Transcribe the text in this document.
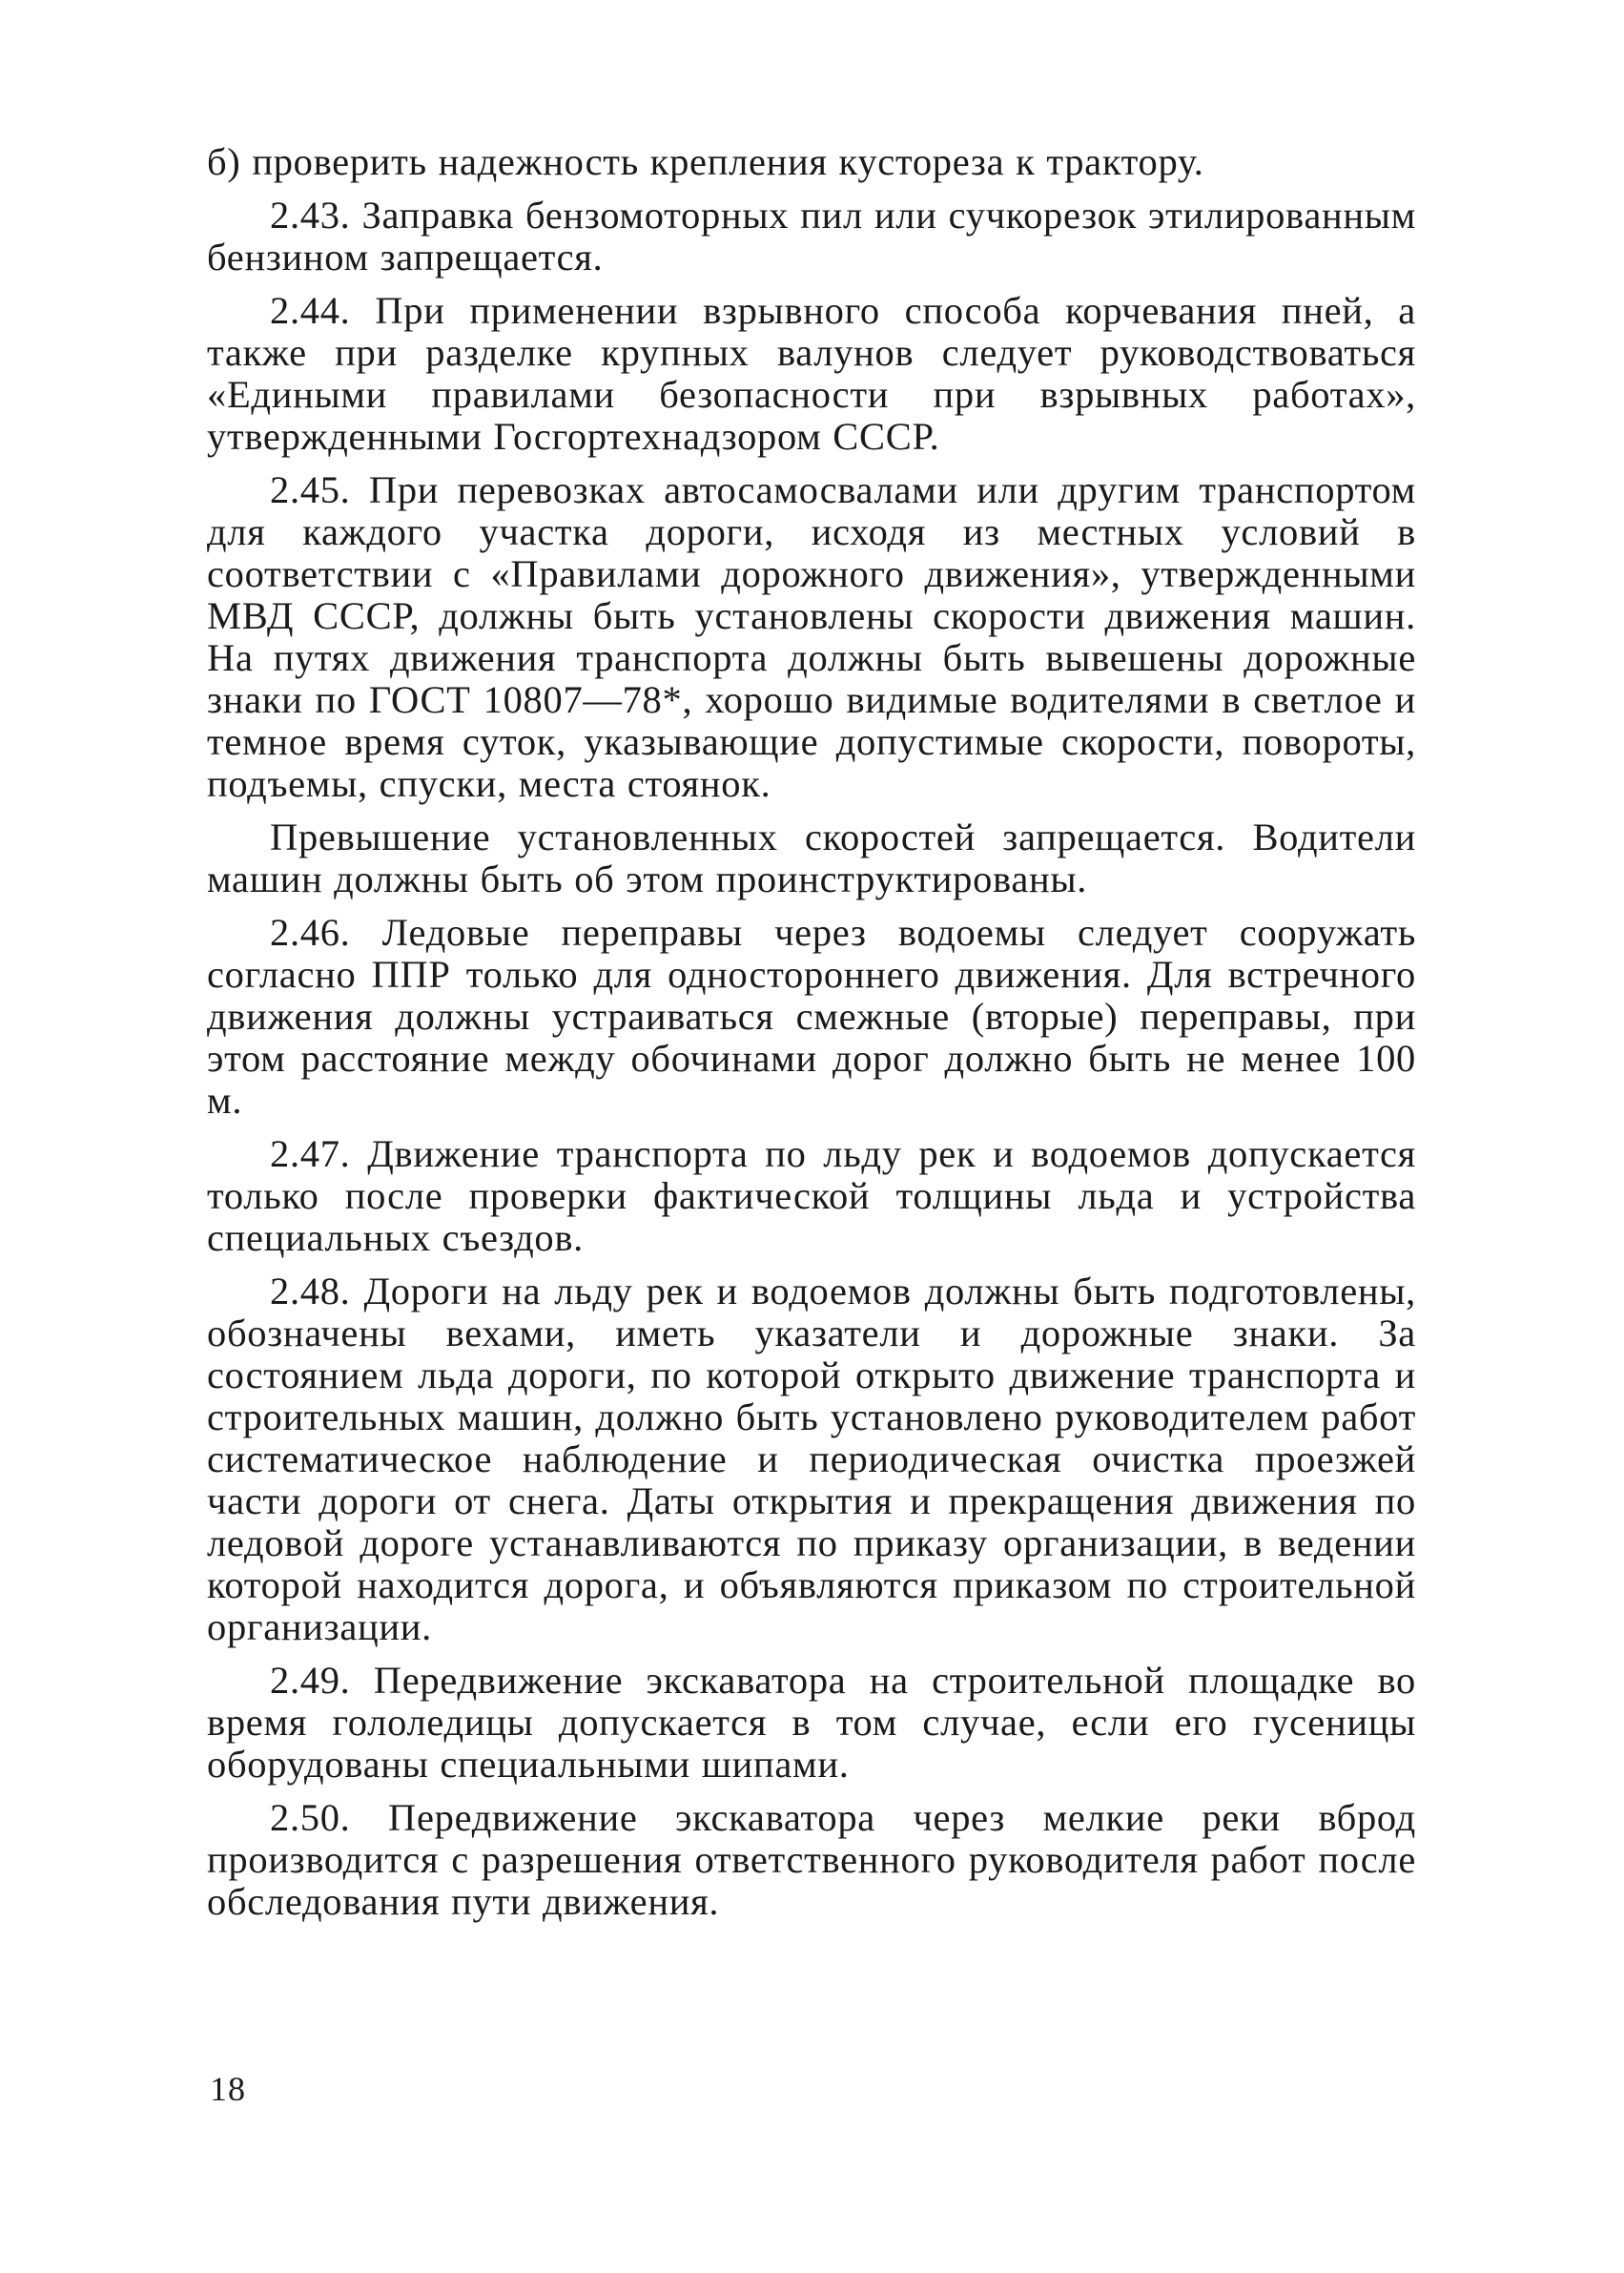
б) проверить надежность крепления кустореза к трактору.

2.43. Заправка бензомоторных пил или сучкорезок этилированным бензином запрещается.

2.44. При применении взрывного способа корчевания пней, а также при разделке крупных валунов следует руководствоваться «Едиными правилами безопасности при взрывных работах», утвержденными Госгортехнадзором СССР.

2.45. При перевозках автосамосвалами или другим транспортом для каждого участка дороги, исходя из местных условий в соответствии с «Правилами дорожного движения», утвержденными МВД СССР, должны быть установлены скорости движения машин. На путях движения транспорта должны быть вывешены дорожные знаки по ГОСТ 10807—78*, хорошо видимые водителями в светлое и темное время суток, указывающие допустимые скорости, повороты, подъемы, спуски, места стоянок.

Превышение установленных скоростей запрещается. Водители машин должны быть об этом проинструктированы.

2.46. Ледовые переправы через водоемы следует сооружать согласно ППР только для одностороннего движения. Для встречного движения должны устраиваться смежные (вторые) переправы, при этом расстояние между обочинами дорог должно быть не менее 100 м.

2.47. Движение транспорта по льду рек и водоемов допускается только после проверки фактической толщины льда и устройства специальных съездов.

2.48. Дороги на льду рек и водоемов должны быть подготовлены, обозначены вехами, иметь указатели и дорожные знаки. За состоянием льда дороги, по которой открыто движение транспорта и строительных машин, должно быть установлено руководителем работ систематическое наблюдение и периодическая очистка проезжей части дороги от снега. Даты открытия и прекращения движения по ледовой дороге устанавливаются по приказу организации, в ведении которой находится дорога, и объявляются приказом по строительной организации.

2.49. Передвижение экскаватора на строительной площадке во время гололедицы допускается в том случае, если его гусеницы оборудованы специальными шипами.

2.50. Передвижение экскаватора через мелкие реки вброд производится с разрешения ответственного руководителя работ после обследования пути движения.

18
